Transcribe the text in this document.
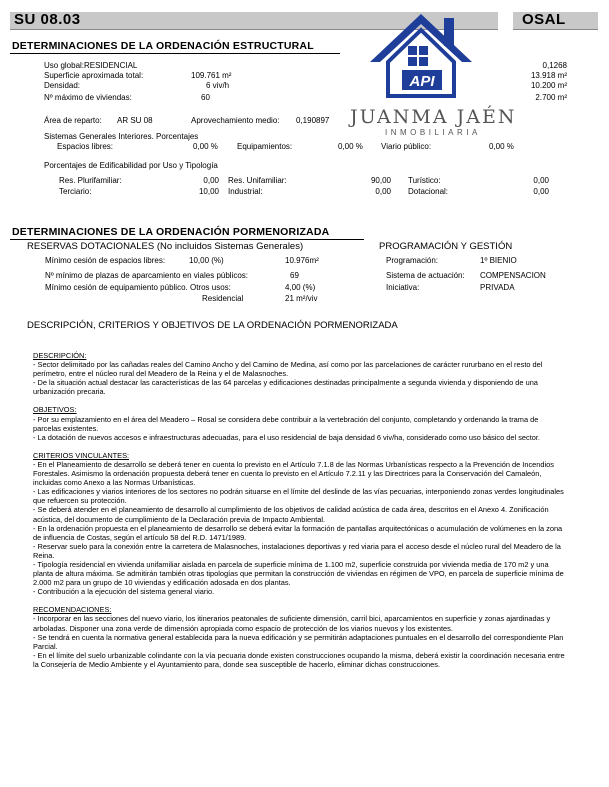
SU 08.03	OSAL
API
JUANMA JAÉN
INMOBILIARIA
DETERMINACIONES DE LA ORDENACIÓN ESTRUCTURAL
Uso global: RESIDENCIAL	0,1268
Superficie aproximada total:	109.761 m²	13.918 m²
Densidad:	6 viv/h	10.200 m²
Nº máximo de viviendas:	60	2.700 m²
Área de reparto: AR SU 08	Aprovechamiento medio: 0,190897
Sistemas Generales Interiores. Porcentajes
Espacios libres:	0,00 % Equipamientos:	0,00 % Viario público:	0,00 %
Porcentajes de Edificabilidad por Uso y Tipología
Res. Plurifamiliar:	0,00 Res. Unifamiliar:	90,00 Turístico:	0,00
Terciario:	10,00 Industrial:	0,00 Dotacional:	0,00
DETERMINACIONES DE LA ORDENACIÓN PORMENORIZADA
RESERVAS DOTACIONALES (No incluidos Sistemas Generales)
Mínimo cesión de espacios libres:	10,00 (%)	10.976m²
Nº mínimo de plazas de aparcamiento en viales públicos:	69
Mínimo cesión de equipamiento público. Otros usos:	4,00 (%)
Residencial	21 m²/viv
PROGRAMACIÓN Y GESTIÓN
Programación:	1º BIENIO
Sistema de actuación: COMPENSACION
Iniciativa:	PRIVADA
DESCRIPCIÓN, CRITERIOS Y OBJETIVOS DE LA ORDENACIÓN PORMENORIZADA
DESCRIPCIÓN:

- Sector delimitado por las cañadas reales del Camino Ancho y del Camino de Medina, así como por las parcelaciones de carácter rururbano en el resto del perímetro, entre el núcleo rural del Meadero de la Reina y el de Malasnoches.

- De la situación actual destacar las características de las 64 parcelas y edificaciones destinadas principalmente a segunda vivienda y disponiendo de una urbanización precaria.

OBJETIVOS:

- Por su emplazamiento en el área del Meadero – Rosal se considera debe contribuir a la vertebración del conjunto, completando y ordenando la trama de parcelas existentes.

- La dotación de nuevos accesos e infraestructuras adecuadas, para el uso residencial de baja densidad 6 viv/ha, considerado como uso básico del sector.

CRITERIOS VINCULANTES:

- En el Planeamiento de desarrollo se deberá tener en cuenta lo previsto en el Artículo 7.1.8 de las Normas Urbanísticas respecto a la Prevención de Incendios Forestales. Asimismo la ordenación propuesta deberá tener en cuenta lo previsto en el Artículo 7.2.11 y las Directrices para la Conservación del Camaleón, incluidas como Anexo a las Normas Urbanísticas.

- Las edificaciones y viarios interiores de los sectores no podrán situarse en el límite del deslinde de las vías pecuarias, interponiendo zonas verdes longitudinales que refuercen su protección.

- Se deberá atender en el planeamiento de desarrollo al cumplimiento de los objetivos de calidad acústica de cada área, descritos en el Anexo 4. Zonificación acústica, del documento de cumplimiento de la Declaración previa de Impacto Ambiental.

- En la ordenación propuesta en el planeamiento de desarrollo se deberá evitar la formación de pantallas arquitectónicas o acumulación de volúmenes en la zona de influencia de Costas, según el artículo 58 del R.D. 1471/1989.

- Reservar suelo para la conexión entre la carretera de Malasnoches, instalaciones deportivas y red viaria para el acceso desde el núcleo rural del Meadero de la Reina.

- Tipología residencial en vivienda unifamiliar aislada en parcela de superficie mínima de 1.100 m2, superficie construida por vivienda media de 170 m2 y una planta de altura máxima. Se admitirán también otras tipologías que permitan la construcción de viviendas en régimen de VPO, en parcela de superficie mínima de 2.000 m2 para un grupo de 10 viviendas y edificación adosada en dos plantas.

- Contribución a la ejecución del sistema general viario.

RECOMENDACIONES:

- Incorporar en las secciones del nuevo viario, los itinerarios peatonales de suficiente dimensión, carril bici, aparcamientos en superficie y zonas ajardinadas y arboladas. Disponer una zona verde de dimensión apropiada como espacio de protección de los viarios nuevos y los existentes.

- Se tendrá en cuenta la normativa general establecida para la nueva edificación y se permitirán adaptaciones puntuales en el desarrollo del correspondiente Plan Parcial.

- En el límite del suelo urbanizable colindante con la vía pecuaria donde existen construcciones ocupando la misma, deberá existir la coordinación necesaria entre la Consejería de Medio Ambiente y el Ayuntamiento para, donde sea susceptible de hacerlo, eliminar dichas construcciones.
